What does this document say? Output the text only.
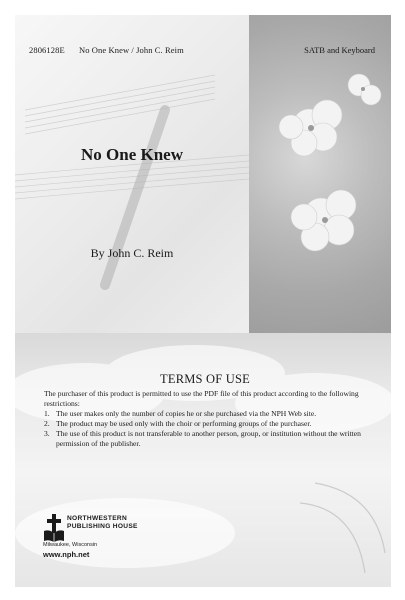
2806128E No One Knew / John C. Reim	SATB and Keyboard
No One Knew
By John C. Reim
TERMS OF USE
The purchaser of this product is permitted to use the PDF file of this product according to the following restrictions:
1. The user makes only the number of copies he or she purchased via the NPH Web site.
2. The product may be used only with the choir or performing groups of the purchaser.
3. The use of this product is not transferable to another person, group, or institution without the written permission of the publisher.
NORTHWESTERN
PUBLISHING HOUSE
Milwaukee, Wisconsin
www.nph.net
